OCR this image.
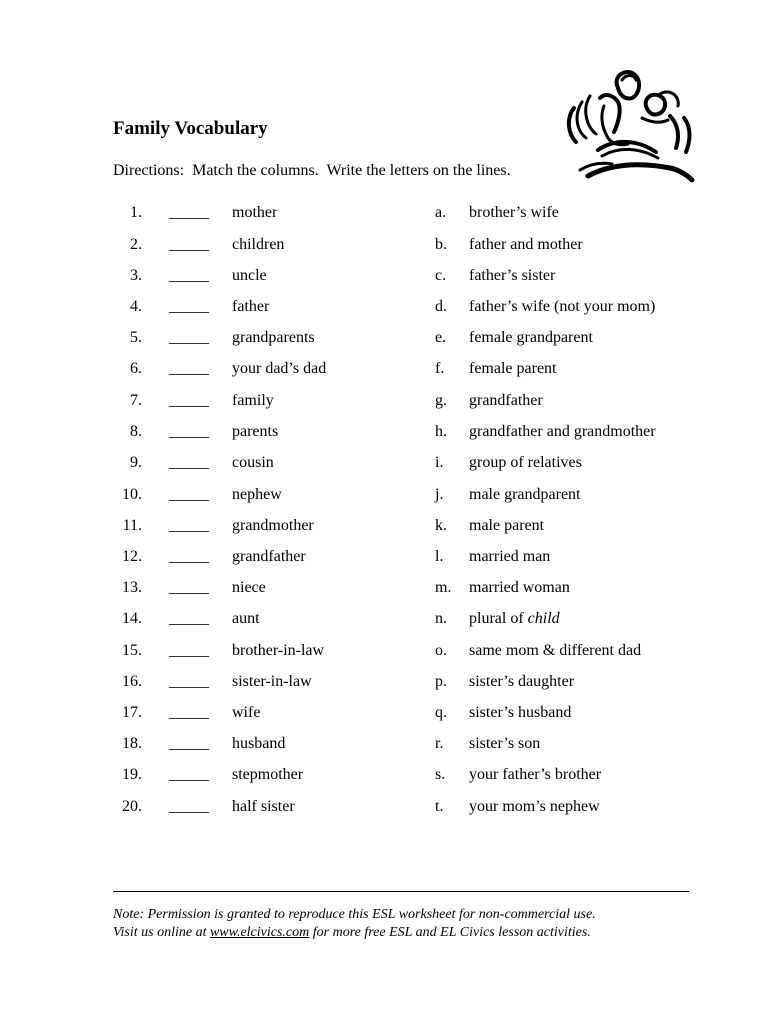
Family Vocabulary
Directions:  Match the columns.  Write the letters on the lines.
1. _____ mother	a. brother’s wife
2. _____ children	b. father and mother
3. _____ uncle	c. father’s sister
4. _____ father	d. father’s wife (not your mom)
5. _____ grandparents	e. female grandparent
6. _____ your dad’s dad	f. female parent
7. _____ family	g. grandfather
8. _____ parents	h. grandfather and grandmother
9. _____ cousin	i. group of relatives
10. _____ nephew	j. male grandparent
11. _____ grandmother	k. male parent
12. _____ grandfather	l. married man
13. _____ niece	m. married woman
14. _____ aunt	n. plural of child
15. _____ brother-in-law	o. same mom & different dad
16. _____ sister-in-law	p. sister’s daughter
17. _____ wife	q. sister’s husband
18. _____ husband	r. sister’s son
19. _____ stepmother	s. your father’s brother
20. _____ half sister	t. your mom’s nephew
Note: Permission is granted to reproduce this ESL worksheet for non-commercial use.
Visit us online at www.elcivics.com for more free ESL and EL Civics lesson activities.
